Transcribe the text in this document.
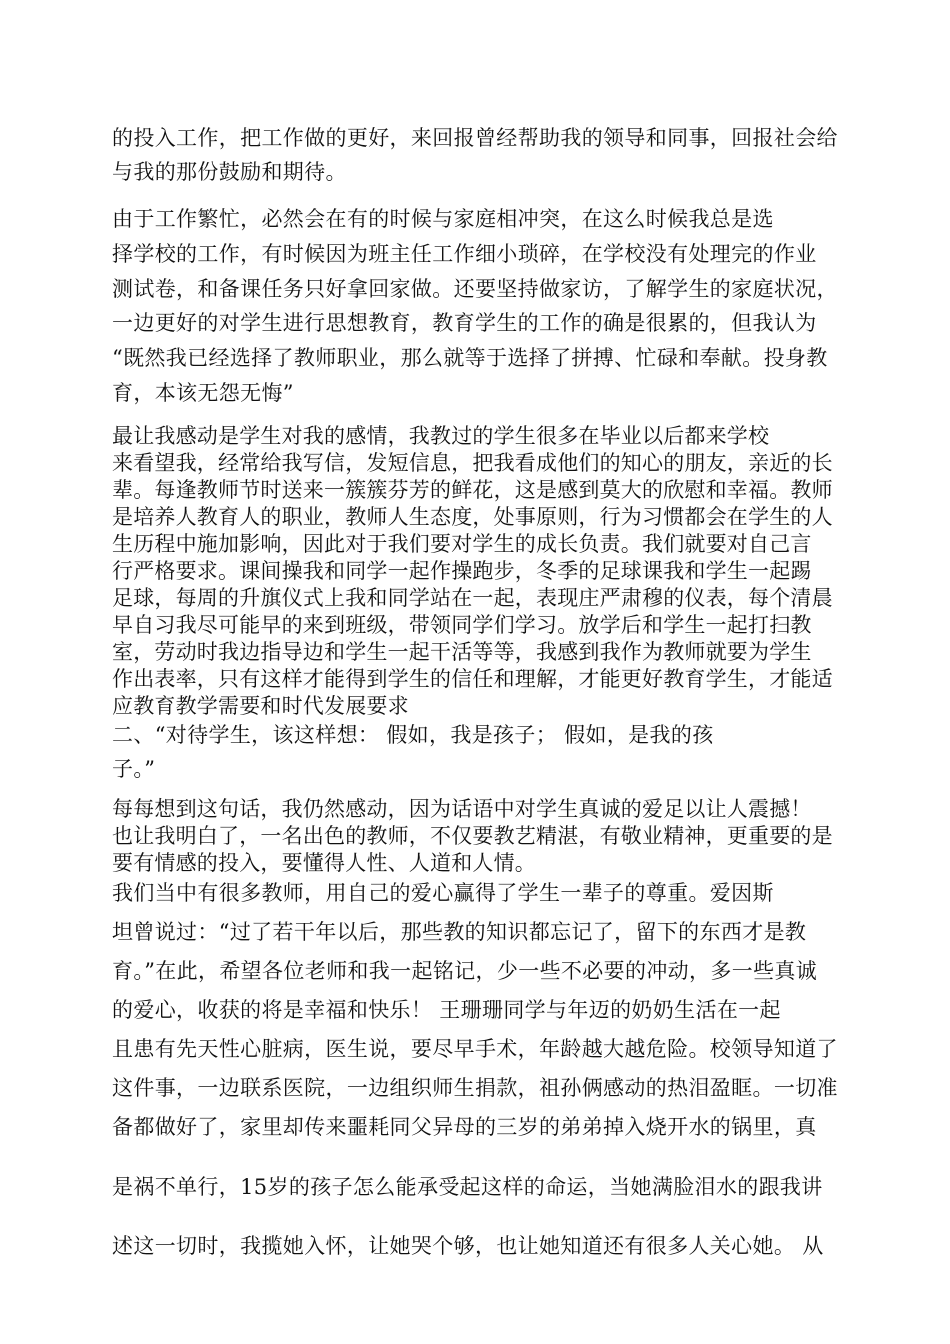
的投入工作，把工作做的更好，来回报曾经帮助我的领导和同事，回报社会给
与我的那份鼓励和期待。
由于工作繁忙，必然会在有的时候与家庭相冲突，在这么时候我总是选
择学校的工作，有时候因为班主任工作细小琐碎，在学校没有处理完的作业
测试卷，和备课任务只好拿回家做。还要坚持做家访，了解学生的家庭状况，
一边更好的对学生进行思想教育，教育学生的工作的确是很累的，但我认为
“既然我已经选择了教师职业，那么就等于选择了拼搏、忙碌和奉献。投身教
育，本该无怨无悔”
最让我感动是学生对我的感情，我教过的学生很多在毕业以后都来学校
来看望我，经常给我写信，发短信息，把我看成他们的知心的朋友，亲近的长
辈。每逢教师节时送来一簇簇芬芳的鲜花，这是感到莫大的欣慰和幸福。教师
是培养人教育人的职业，教师人生态度，处事原则，行为习惯都会在学生的人
生历程中施加影响，因此对于我们要对学生的成长负责。我们就要对自己言
行严格要求。课间操我和同学一起作操跑步，冬季的足球课我和学生一起踢
足球，每周的升旗仪式上我和同学站在一起，表现庄严肃穆的仪表，每个清晨
早自习我尽可能早的来到班级，带领同学们学习。放学后和学生一起打扫教
室，劳动时我边指导边和学生一起干活等等，我感到我作为教师就要为学生
作出表率，只有这样才能得到学生的信任和理解，才能更好教育学生，才能适
应教育教学需要和时代发展要求
二、“对待学生，该这样想： 假如，我是孩子； 假如，是我的孩
子。”
每每想到这句话，我仍然感动，因为话语中对学生真诚的爱足以让人震撼！
也让我明白了，一名出色的教师，不仅要教艺精湛，有敬业精神，更重要的是
要有情感的投入，要懂得人性、人道和人情。
我们当中有很多教师，用自己的爱心赢得了学生一辈子的尊重。爱因斯
坦曾说过：“过了若干年以后，那些教的知识都忘记了，留下的东西才是教
育。”在此，希望各位老师和我一起铭记，少一些不必要的冲动，多一些真诚
的爱心，收获的将是幸福和快乐！ 王珊珊同学与年迈的奶奶生活在一起
且患有先天性心脏病，医生说，要尽早手术，年龄越大越危险。校领导知道了
这件事，一边联系医院，一边组织师生捐款，祖孙俩感动的热泪盈眶。一切准
备都做好了，家里却传来噩耗同父异母的三岁的弟弟掉入烧开水的锅里，真
是祸不单行，15岁的孩子怎么能承受起这样的命运，当她满脸泪水的跟我讲
述这一切时，我揽她入怀，让她哭个够，也让她知道还有很多人关心她。 从
